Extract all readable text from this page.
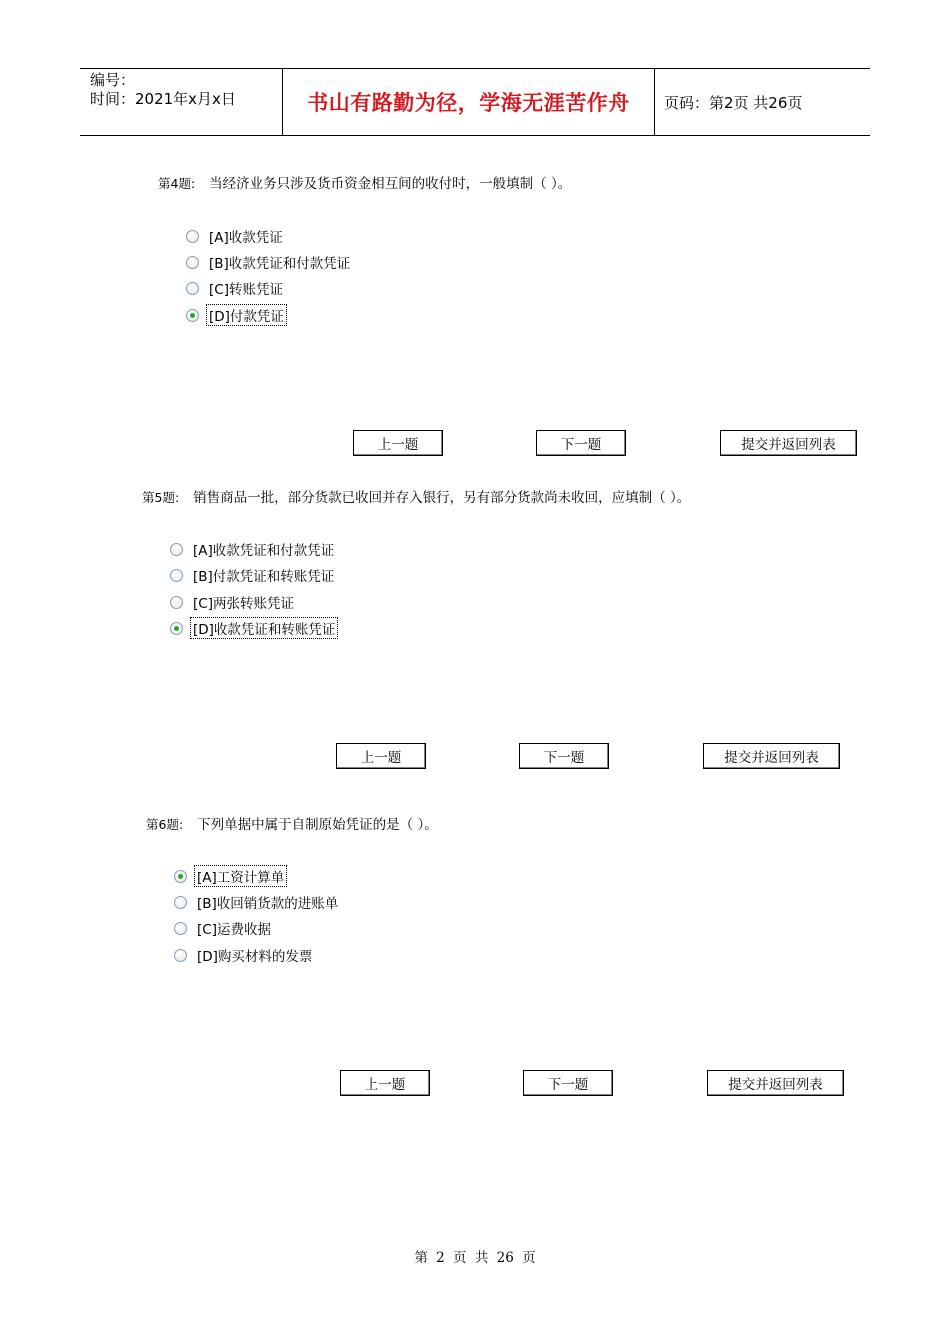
编号：
时间：2021年x月x日	书山有路勤为径，学海无涯苦作舟	页码：第2页 共26页
第4题: 当经济业务只涉及货币资金相互间的收付时，一般填制（ ）。
[A]收款凭证
[B]收款凭证和付款凭证
[C]转账凭证
[D]付款凭证
上一题	下一题	提交并返回列表
第5题: 销售商品一批，部分货款已收回并存入银行，另有部分货款尚未收回，应填制（ ）。
[A]收款凭证和付款凭证
[B]付款凭证和转账凭证
[C]两张转账凭证
[D]收款凭证和转账凭证
上一题	下一题	提交并返回列表
第6题: 下列单据中属于自制原始凭证的是（ ）。
[A]工资计算单
[B]收回销货款的进账单
[C]运费收据
[D]购买材料的发票
上一题	下一题	提交并返回列表
第 2 页 共 26 页
